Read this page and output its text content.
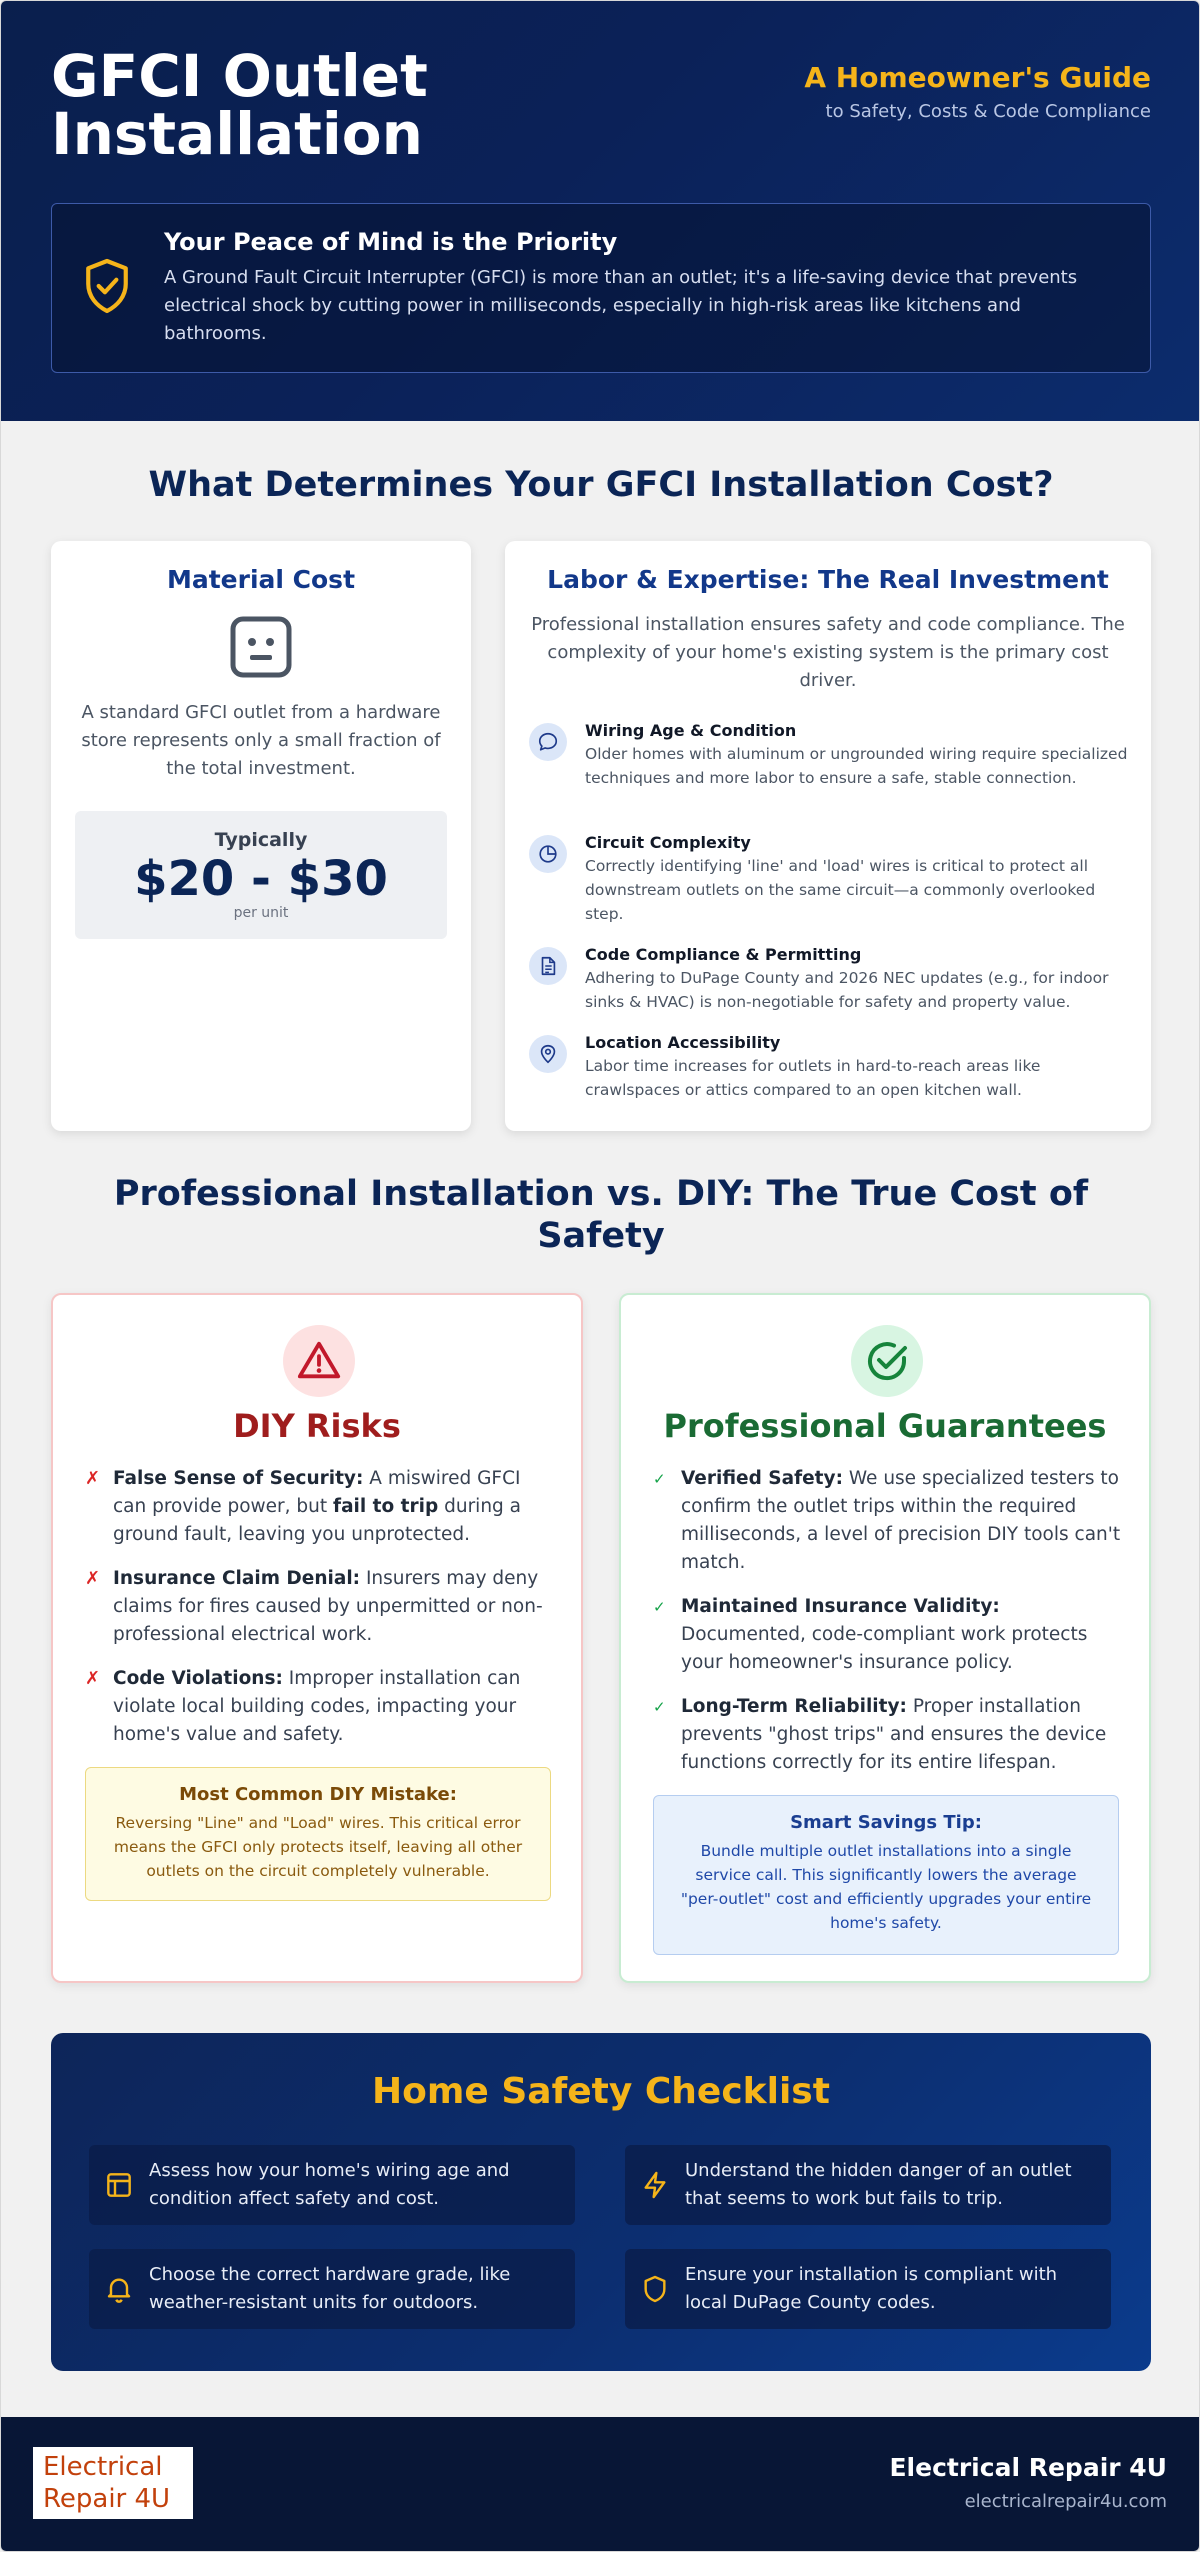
GFCI Outlet Installation
A Homeowner's Guide
to Safety, Costs & Code Compliance
Your Peace of Mind is the Priority
A Ground Fault Circuit Interrupter (GFCI) is more than an outlet; it's a life-saving device that prevents electrical shock by cutting power in milliseconds, especially in high-risk areas like kitchens and bathrooms.
What Determines Your GFCI Installation Cost?
Material Cost
A standard GFCI outlet from a hardware store represents only a small fraction of the total investment.
Typically
$20 - $30
per unit
Labor & Expertise: The Real Investment
Professional installation ensures safety and code compliance. The complexity of your home's existing system is the primary cost driver.
Wiring Age & Condition
Older homes with aluminum or ungrounded wiring require specialized techniques and more labor to ensure a safe, stable connection.
Circuit Complexity
Correctly identifying 'line' and 'load' wires is critical to protect all downstream outlets on the same circuit—a commonly overlooked step.
Code Compliance & Permitting
Adhering to DuPage County and 2026 NEC updates (e.g., for indoor sinks & HVAC) is non-negotiable for safety and property value.
Location Accessibility
Labor time increases for outlets in hard-to-reach areas like crawlspaces or attics compared to an open kitchen wall.
Professional Installation vs. DIY: The True Cost of Safety
DIY Risks
✗ False Sense of Security: A miswired GFCI can provide power, but fail to trip during a ground fault, leaving you unprotected.
✗ Insurance Claim Denial: Insurers may deny claims for fires caused by unpermitted or non-professional electrical work.
✗ Code Violations: Improper installation can violate local building codes, impacting your home's value and safety.
Most Common DIY Mistake:
Reversing "Line" and "Load" wires. This critical error means the GFCI only protects itself, leaving all other outlets on the circuit completely vulnerable.
Professional Guarantees
✓ Verified Safety: We use specialized testers to confirm the outlet trips within the required milliseconds, a level of precision DIY tools can't match.
✓ Maintained Insurance Validity: Documented, code-compliant work protects your homeowner's insurance policy.
✓ Long-Term Reliability: Proper installation prevents "ghost trips" and ensures the device functions correctly for its entire lifespan.
Smart Savings Tip:
Bundle multiple outlet installations into a single service call. This significantly lowers the average "per-outlet" cost and efficiently upgrades your entire home's safety.
Home Safety Checklist
Assess how your home's wiring age and condition affect safety and cost.
Understand the hidden danger of an outlet that seems to work but fails to trip.
Choose the correct hardware grade, like weather-resistant units for outdoors.
Ensure your installation is compliant with local DuPage County codes.
Electrical Repair 4U
Electrical Repair 4U
electricalrepair4u.com
